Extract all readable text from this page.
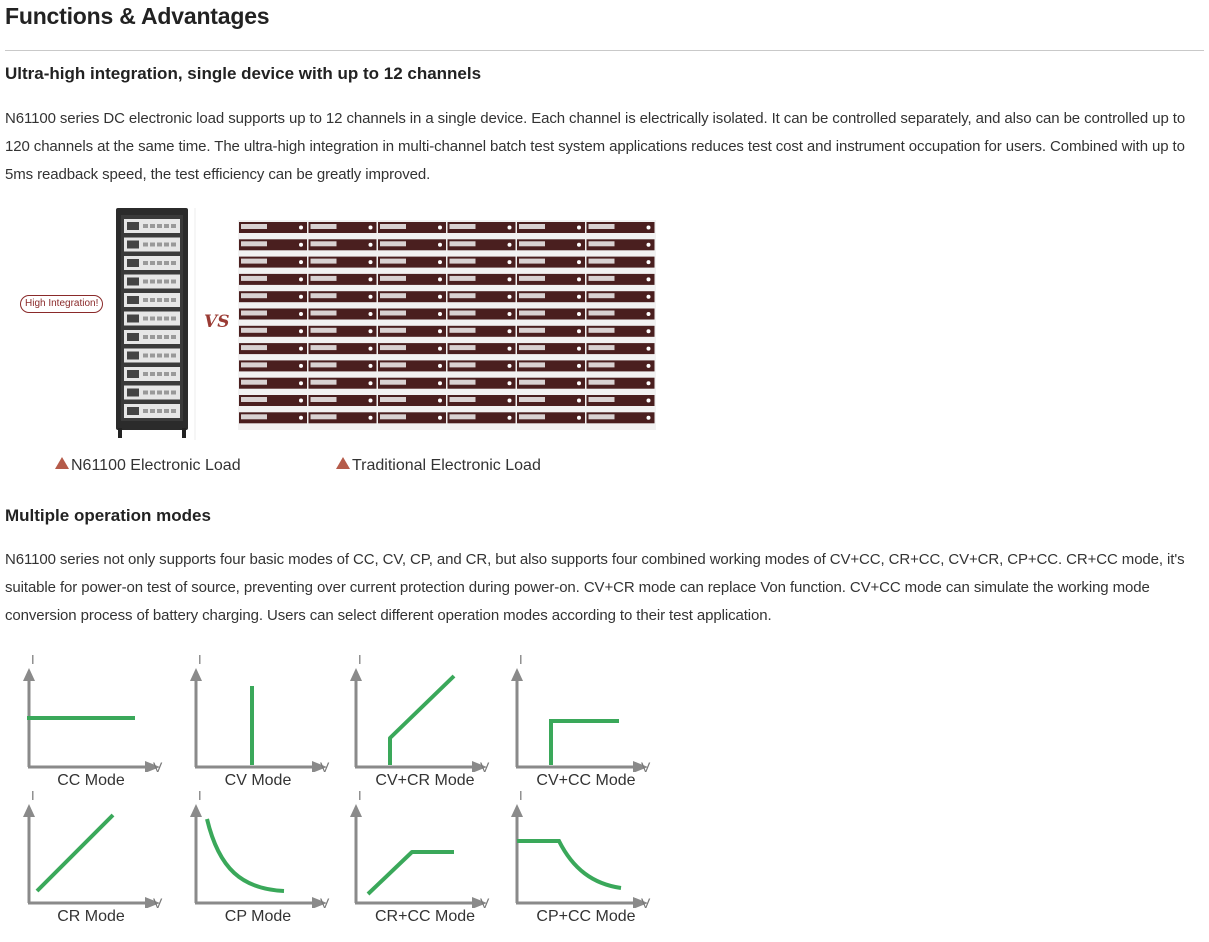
Functions & Advantages
Ultra-high integration, single device with up to 12 channels

N61100 series DC electronic load supports up to 12 channels in a single device. Each channel is electrically isolated. It can be controlled separately, and also can be controlled up to 120 channels at the same time. The ultra-high integration in multi-channel batch test system applications reduces test cost and instrument occupation for users. Combined with up to 5ms readback speed, the test efficiency can be greatly improved.

High Integration!
VS
N61100 Electronic Load	Traditional Electronic Load
Multiple operation modes

N61100 series not only supports four basic modes of CC, CV, CP, and CR, but also supports four combined working modes of CV+CC, CR+CC, CV+CR, CP+CC. CR+CC mode, it's suitable for power-on test of source, preventing over current protection during power-on. CV+CR mode can replace Von function. CV+CC mode can simulate the working mode conversion process of battery charging. Users can select different operation modes according to their test application.

I
V
CC Mode
I
V
CV Mode
I
V
CV+CR Mode
I
V
CV+CC Mode
I
V
CR Mode
I
V
CP Mode
I
V
CR+CC Mode
I
V
CP+CC Mode
